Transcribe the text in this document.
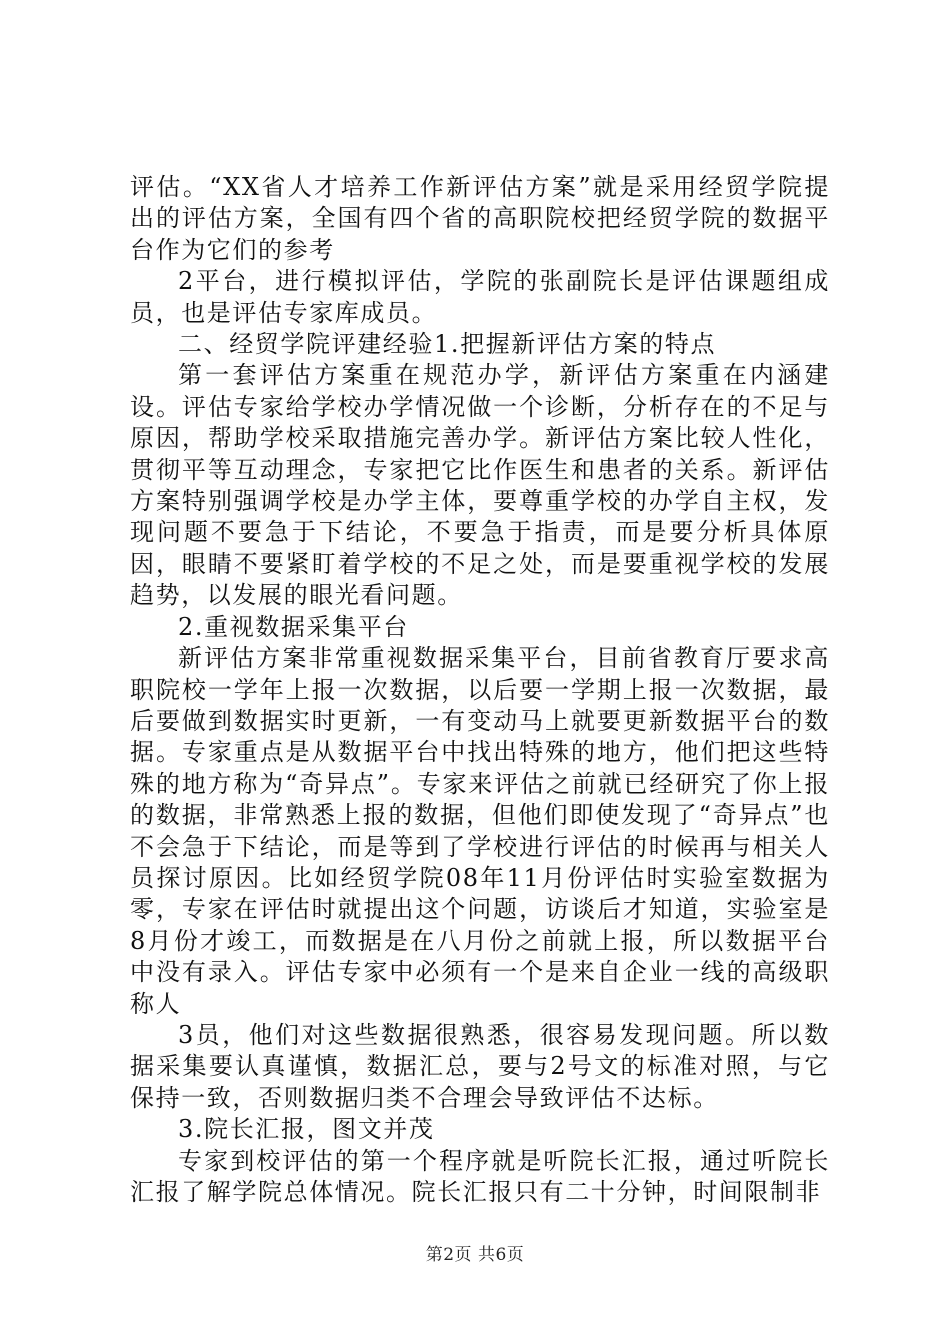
评估。“XX省人才培养工作新评估方案”就是采用经贸学院提出的评估方案，全国有四个省的高职院校把经贸学院的数据平台作为它们的参考

2平台，进行模拟评估，学院的张副院长是评估课题组成员，也是评估专家库成员。

二、经贸学院评建经验1.把握新评估方案的特点

第一套评估方案重在规范办学，新评估方案重在内涵建设。评估专家给学校办学情况做一个诊断，分析存在的不足与原因，帮助学校采取措施完善办学。新评估方案比较人性化，贯彻平等互动理念，专家把它比作医生和患者的关系。新评估方案特别强调学校是办学主体，要尊重学校的办学自主权，发现问题不要急于下结论，不要急于指责，而是要分析具体原因，眼睛不要紧盯着学校的不足之处，而是要重视学校的发展趋势，以发展的眼光看问题。

2.重视数据采集平台

新评估方案非常重视数据采集平台，目前省教育厅要求高职院校一学年上报一次数据，以后要一学期上报一次数据，最后要做到数据实时更新，一有变动马上就要更新数据平台的数据。专家重点是从数据平台中找出特殊的地方，他们把这些特殊的地方称为“奇异点”。专家来评估之前就已经研究了你上报的数据，非常熟悉上报的数据，但他们即使发现了“奇异点”也不会急于下结论，而是等到了学校进行评估的时候再与相关人员探讨原因。比如经贸学院08年11月份评估时实验室数据为零，专家在评估时就提出这个问题，访谈后才知道，实验室是8月份才竣工，而数据是在八月份之前就上报，所以数据平台中没有录入。评估专家中必须有一个是来自企业一线的高级职称人

3员，他们对这些数据很熟悉，很容易发现问题。所以数据采集要认真谨慎，数据汇总，要与2号文的标准对照，与它保持一致，否则数据归类不合理会导致评估不达标。

3.院长汇报，图文并茂

专家到校评估的第一个程序就是听院长汇报，通过听院长汇报了解学院总体情况。院长汇报只有二十分钟，时间限制非

第2页 共6页
